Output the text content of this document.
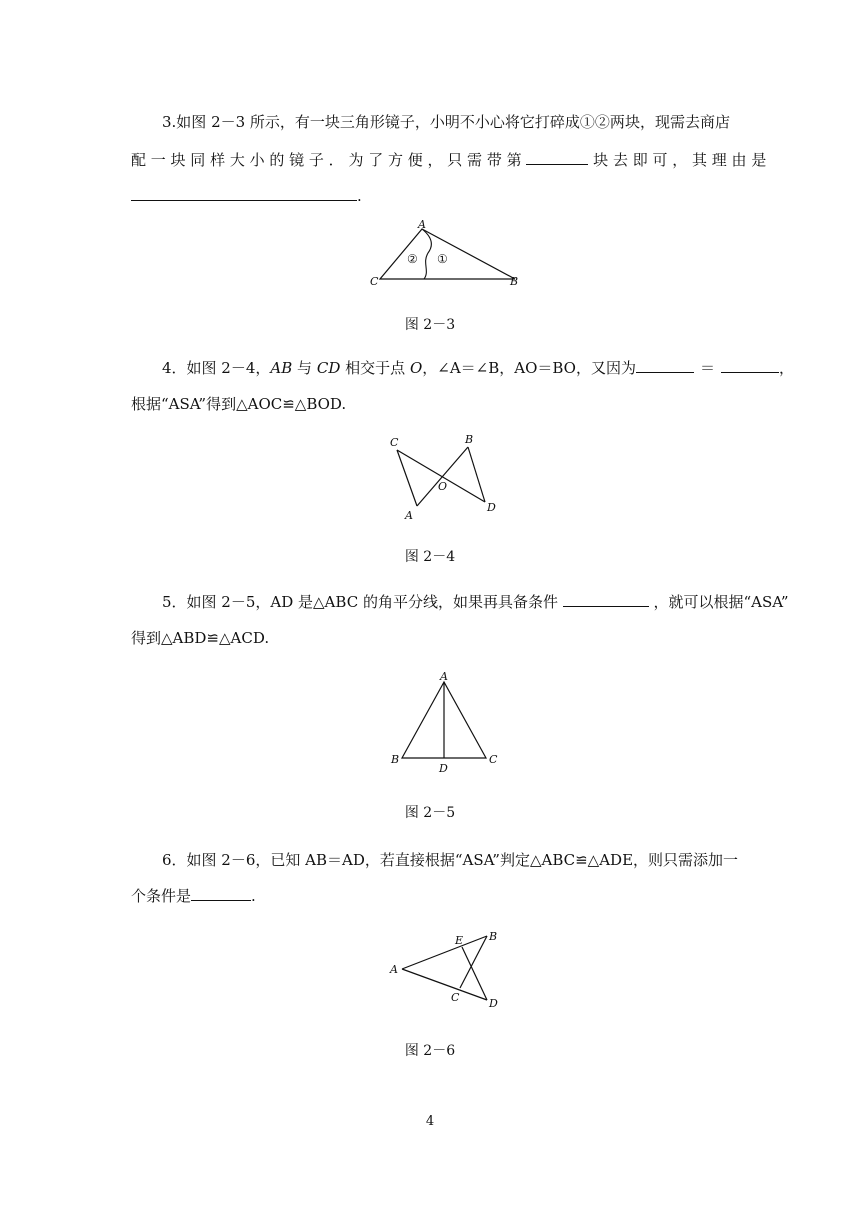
3.如图 2－3 所示，有一块三角形镜子，小明不小心将它打碎成①②两块，现需去商店
配 一 块 同 样 大 小 的 镜 子 ． 为 了 方 便 ， 只 需 带 第	块 去 即 可 ， 其 理 由 是
.
A
B
C
② ①
图 2－3
4．如图 2－4，AB 与 CD 相交于点 O，∠A＝∠B，AO＝BO，又因为	＝	，
根据“ASA”得到△AOC≌△BOD.
C	B
O
A
D
图 2－4
5．如图 2－5，AD 是△ABC 的角平分线，如果再具备条件	，就可以根据“ASA”
得到△ABD≌△ACD.
A
B
D
C
图 2－5
6．如图 2－6，已知 AB＝AD，若直接根据“ASA”判定△ABC≌△ADE，则只需添加一
个条件是	.
E B
A
C	D
图 2－6
4
